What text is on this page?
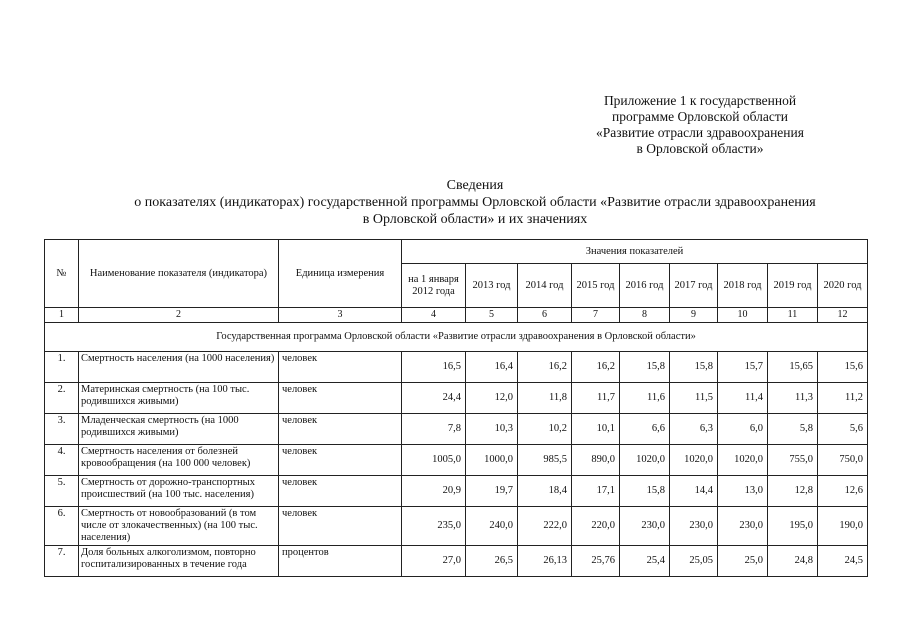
Приложение 1 к государственной
программе Орловской области
«Развитие отрасли здравоохранения
в Орловской области»
Сведения
о показателях (индикаторах) государственной программы Орловской области «Развитие отрасли здравоохранения
в Орловской области» и их значениях
№	Наименование показателя (индикатора)	Единица измерения	Значения показателей								
			на 1 января 2012 года	2013 год	2014 год	2015 год	2016 год	2017 год	2018 год	2019 год	2020 год
1	2	3	4	5	6	7	8	9	10	11	12
Государственная программа Орловской области «Развитие отрасли здравоохранения в Орловской области»											
1.	Смертность населения (на 1000 населения)	человек	16,5	16,4	16,2	16,2	15,8	15,8	15,7	15,65	15,6
2.	Материнская смертность (на 100 тыс. родившихся живыми)	человек	24,4	12,0	11,8	11,7	11,6	11,5	11,4	11,3	11,2
3.	Младенческая смертность (на 1000 родившихся живыми)	человек	7,8	10,3	10,2	10,1	6,6	6,3	6,0	5,8	5,6
4.	Смертность населения от болезней кровообращения (на 100 000 человек)	человек	1005,0	1000,0	985,5	890,0	1020,0	1020,0	1020,0	755,0	750,0
5.	Смертность от дорожно-транспортных происшествий (на 100 тыс. населения)	человек	20,9	19,7	18,4	17,1	15,8	14,4	13,0	12,8	12,6
6.	Смертность от новообразований (в том числе от злокачественных) (на 100 тыс. населения)	человек	235,0	240,0	222,0	220,0	230,0	230,0	230,0	195,0	190,0
7.	Доля больных алкоголизмом, повторно госпитализированных в течение года	процентов	27,0	26,5	26,13	25,76	25,4	25,05	25,0	24,8	24,5
